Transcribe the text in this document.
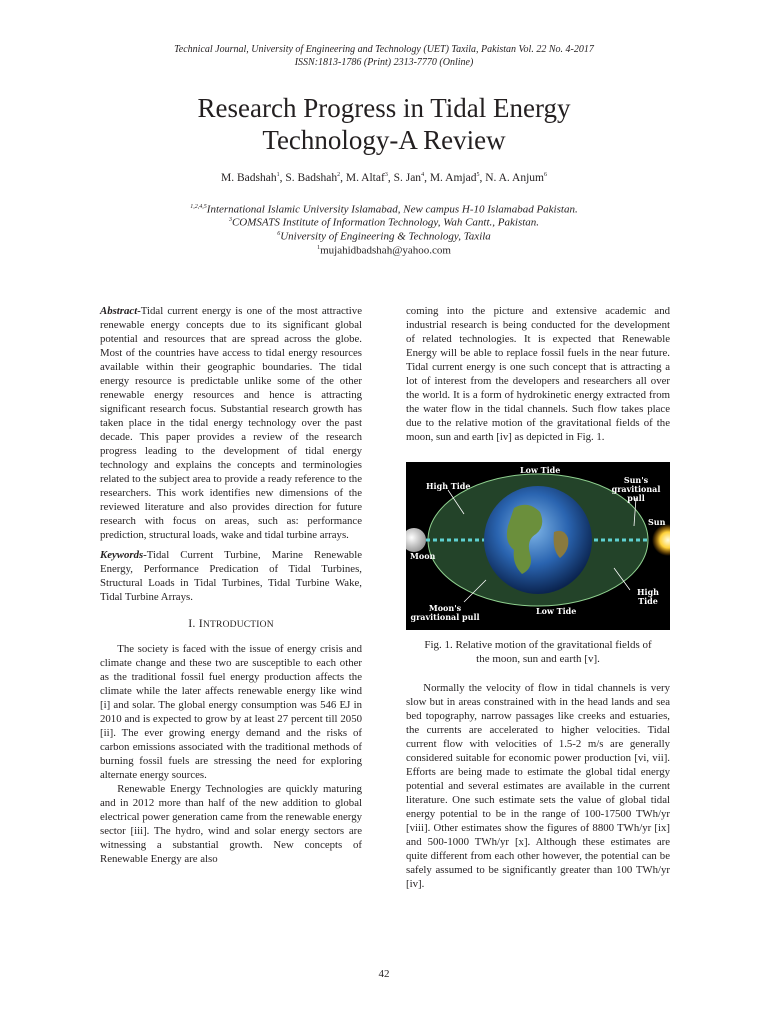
Technical Journal, University of Engineering and Technology (UET) Taxila, Pakistan Vol. 22 No. 4-2017
ISSN:1813-1786 (Print) 2313-7770 (Online)
Research Progress in Tidal Energy
Technology-A Review
M. Badshah$^1$, S. Badshah$^2$, M. Altaf$^3$, S. Jan$^4$, M. Amjad$^5$, N. A. Anjum$^6$
$^{1,2,4,5}$International Islamic University Islamabad, New campus H-10 Islamabad Pakistan.
$^3$COMSATS Institute of Information Technology, Wah Cantt., Pakistan.
$^6$University of Engineering & Technology, Taxila
$^1$mujahidbadshah@yahoo.com

Abstract-Tidal current energy is one of the most attractive renewable energy concepts due to its significant global potential and resources that are spread across the globe. Most of the countries have access to tidal energy resources available within their geographic boundaries. The tidal energy resource is predictable unlike some of the other renewable energy resources and hence is attracting significant research focus. Substantial research growth has taken place in the tidal energy technology over the past decade. This paper provides a review of the research progress leading to the development of tidal energy technology and explains the concepts and terminologies related to the subject area to provide a ready reference to the researchers. This work identifies new dimensions of the reviewed literature and also provides direction for future research with focus on areas, such as: performance prediction, structural loads, wake and tidal turbine arrays.

Keywords-Tidal Current Turbine, Marine Renewable Energy, Performance Predication of Tidal Turbines, Structural Loads in Tidal Turbines, Tidal Turbine Wake, Tidal Turbine Arrays.

I. INTRODUCTION

The society is faced with the issue of energy crisis and climate change and these two are susceptible to each other as the traditional fossil fuel energy production affects the climate while the later affects renewable energy like wind [i] and solar. The global energy consumption was 546 EJ in 2010 and is expected to grow by at least 27 percent till 2050 [ii]. The ever growing energy demand and the risks of carbon emissions associated with the traditional methods of burning fossil fuels are stressing the need for exploring alternate energy sources.

Renewable Energy Technologies are quickly maturing and in 2012 more than half of the new addition to global electrical power generation came from the renewable energy sector [iii]. The hydro, wind and solar energy sectors are witnessing a substantial growth. New concepts of Renewable Energy are also

coming into the picture and extensive academic and industrial research is being conducted for the development of related technologies. It is expected that Renewable Energy will be able to replace fossil fuels in the near future. Tidal current energy is one such concept that is attracting a lot of interest from the developers and researchers all over the world. It is a form of hydrokinetic energy extracted from the water flow in the tidal channels. Such flow takes place due to the relative motion of the gravitational fields of the moon, sun and earth [iv] as depicted in Fig. 1.

Low Tide
High Tide
Sun's
gravitional pull
Sun
Moon
High Tide
Moon's
gravitional pull
Low Tide
Fig. 1. Relative motion of the gravitational fields of
the moon, sun and earth [v].

Normally the velocity of flow in tidal channels is very slow but in areas constrained with in the head lands and sea bed topography, narrow passages like creeks and estuaries, the currents are accelerated to higher velocities. Tidal current flow with velocities of 1.5-2 m/s are generally considered suitable for economic power production [vi, vii]. Efforts are being made to estimate the global tidal energy potential and several estimates are available in the current literature. One such estimate sets the value of global tidal energy potential to be in the range of 100-17500 TWh/yr [viii]. Other estimates show the figures of 8800 TWh/yr [ix] and 500-1000 TWh/yr [x]. Although these estimates are quite different from each other however, the potential can be safely assumed to be significantly greater than 100 TWh/yr [iv].

42
